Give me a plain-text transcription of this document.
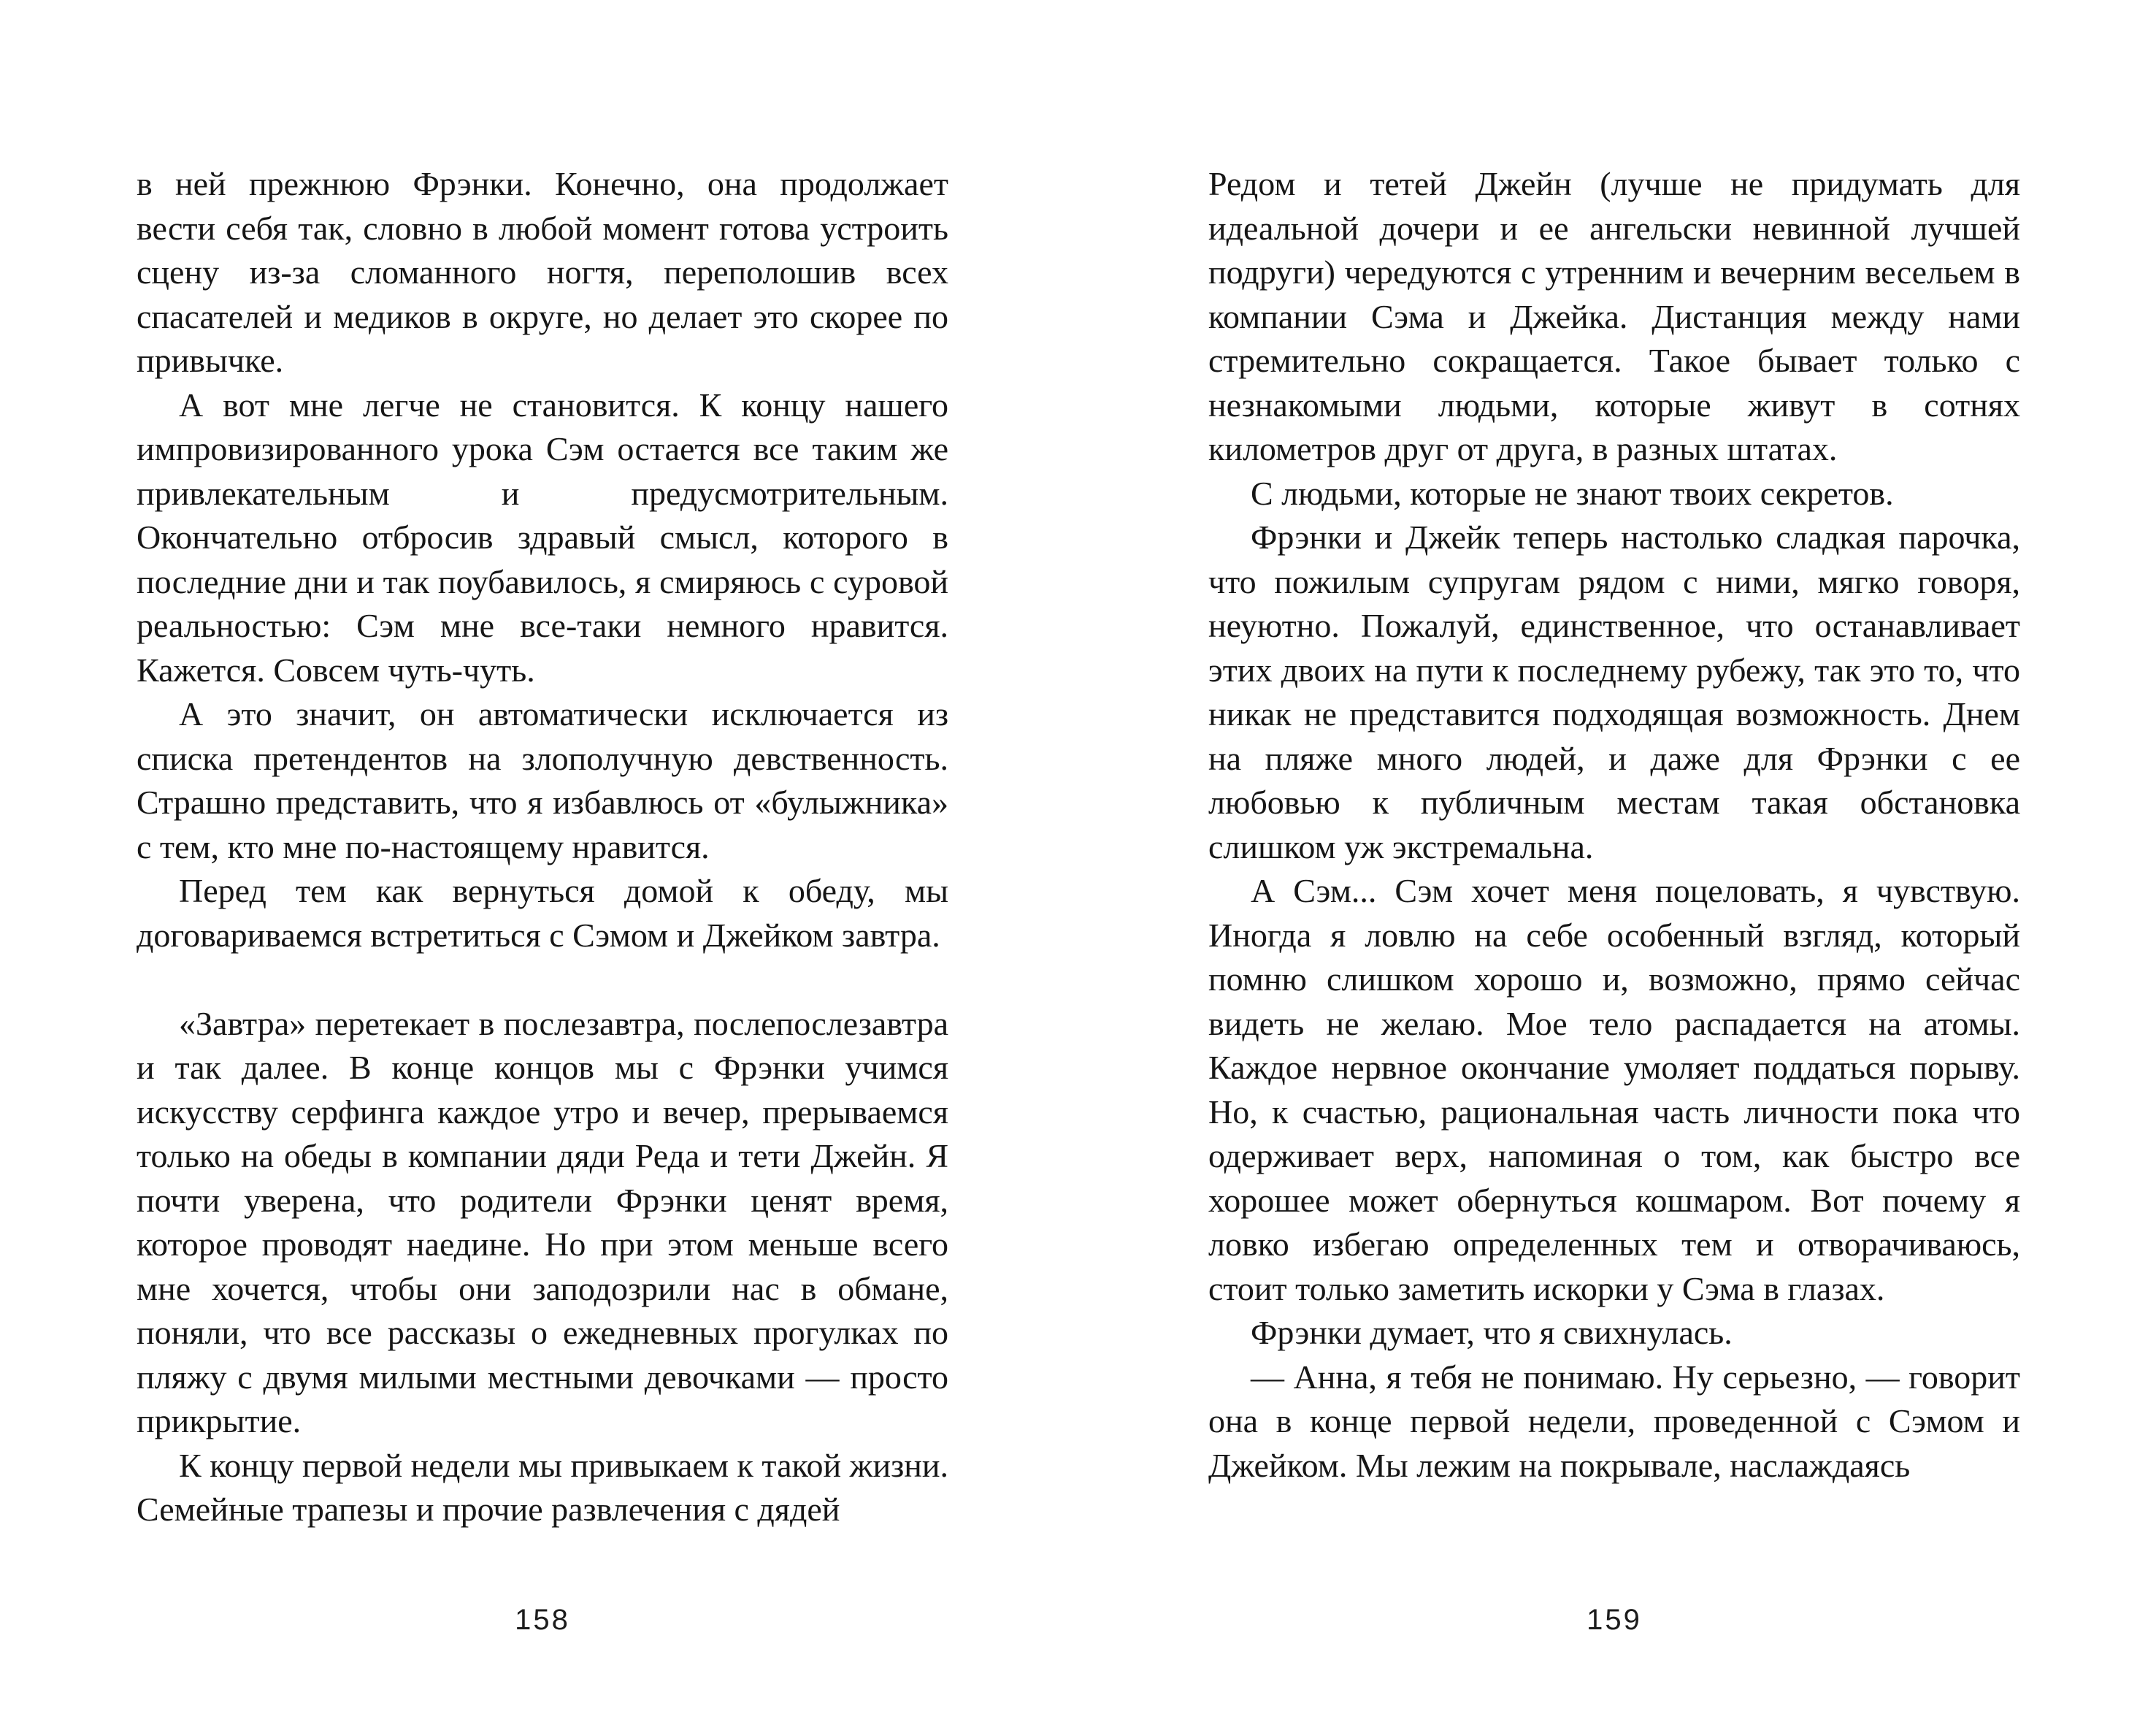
в ней прежнюю Фрэнки. Конечно, она продолжает вести себя так, словно в любой момент готова устроить сцену из-за сломанного ногтя, переполошив всех спасателей и медиков в округе, но делает это скорее по привычке.

А вот мне легче не становится. К концу нашего импровизированного урока Сэм остается все таким же привлекательным и предусмотрительным. Окончательно отбросив здравый смысл, которого в последние дни и так поубавилось, я смиряюсь с суровой реальностью: Сэм мне все-таки немного нравится. Кажется. Совсем чуть-чуть.

А это значит, он автоматически исключается из списка претендентов на злополучную девственность. Страшно представить, что я избавлюсь от «булыжника» с тем, кто мне по-настоящему нравится.

Перед тем как вернуться домой к обеду, мы договариваемся встретиться с Сэмом и Джейком завтра.

«Завтра» перетекает в послезавтра, послепослезавтра и так далее. В конце концов мы с Фрэнки учимся искусству серфинга каждое утро и вечер, прерываемся только на обеды в компании дяди Реда и тети Джейн. Я почти уверена, что родители Фрэнки ценят время, которое проводят наедине. Но при этом меньше всего мне хочется, чтобы они заподозрили нас в обмане, поняли, что все рассказы о ежедневных прогулках по пляжу с двумя милыми местными девочками — просто прикрытие.

К концу первой недели мы привыкаем к такой жизни. Семейные трапезы и прочие развлечения с дядей

Редом и тетей Джейн (лучше не придумать для идеальной дочери и ее ангельски невинной лучшей подруги) чередуются с утренним и вечерним весельем в компании Сэма и Джейка. Дистанция между нами стремительно сокращается. Такое бывает только с незнакомыми людьми, которые живут в сотнях километров друг от друга, в разных штатах.

С людьми, которые не знают твоих секретов.

Фрэнки и Джейк теперь настолько сладкая парочка, что пожилым супругам рядом с ними, мягко говоря, неуютно. Пожалуй, единственное, что останавливает этих двоих на пути к последнему рубежу, так это то, что никак не представится подходящая возможность. Днем на пляже много людей, и даже для Фрэнки с ее любовью к публичным местам такая обстановка слишком уж экстремальна.

А Сэм... Сэм хочет меня поцеловать, я чувствую. Иногда я ловлю на себе особенный взгляд, который помню слишком хорошо и, возможно, прямо сейчас видеть не желаю. Мое тело распадается на атомы. Каждое нервное окончание умоляет поддаться порыву. Но, к счастью, рациональная часть личности пока что одерживает верх, напоминая о том, как быстро все хорошее может обернуться кошмаром. Вот почему я ловко избегаю определенных тем и отворачиваюсь, стоит только заметить искорки у Сэма в глазах.

Фрэнки думает, что я свихнулась.

— Анна, я тебя не понимаю. Ну серьезно, — говорит она в конце первой недели, проведенной с Сэмом и Джейком. Мы лежим на покрывале, наслаждаясь

158	159
